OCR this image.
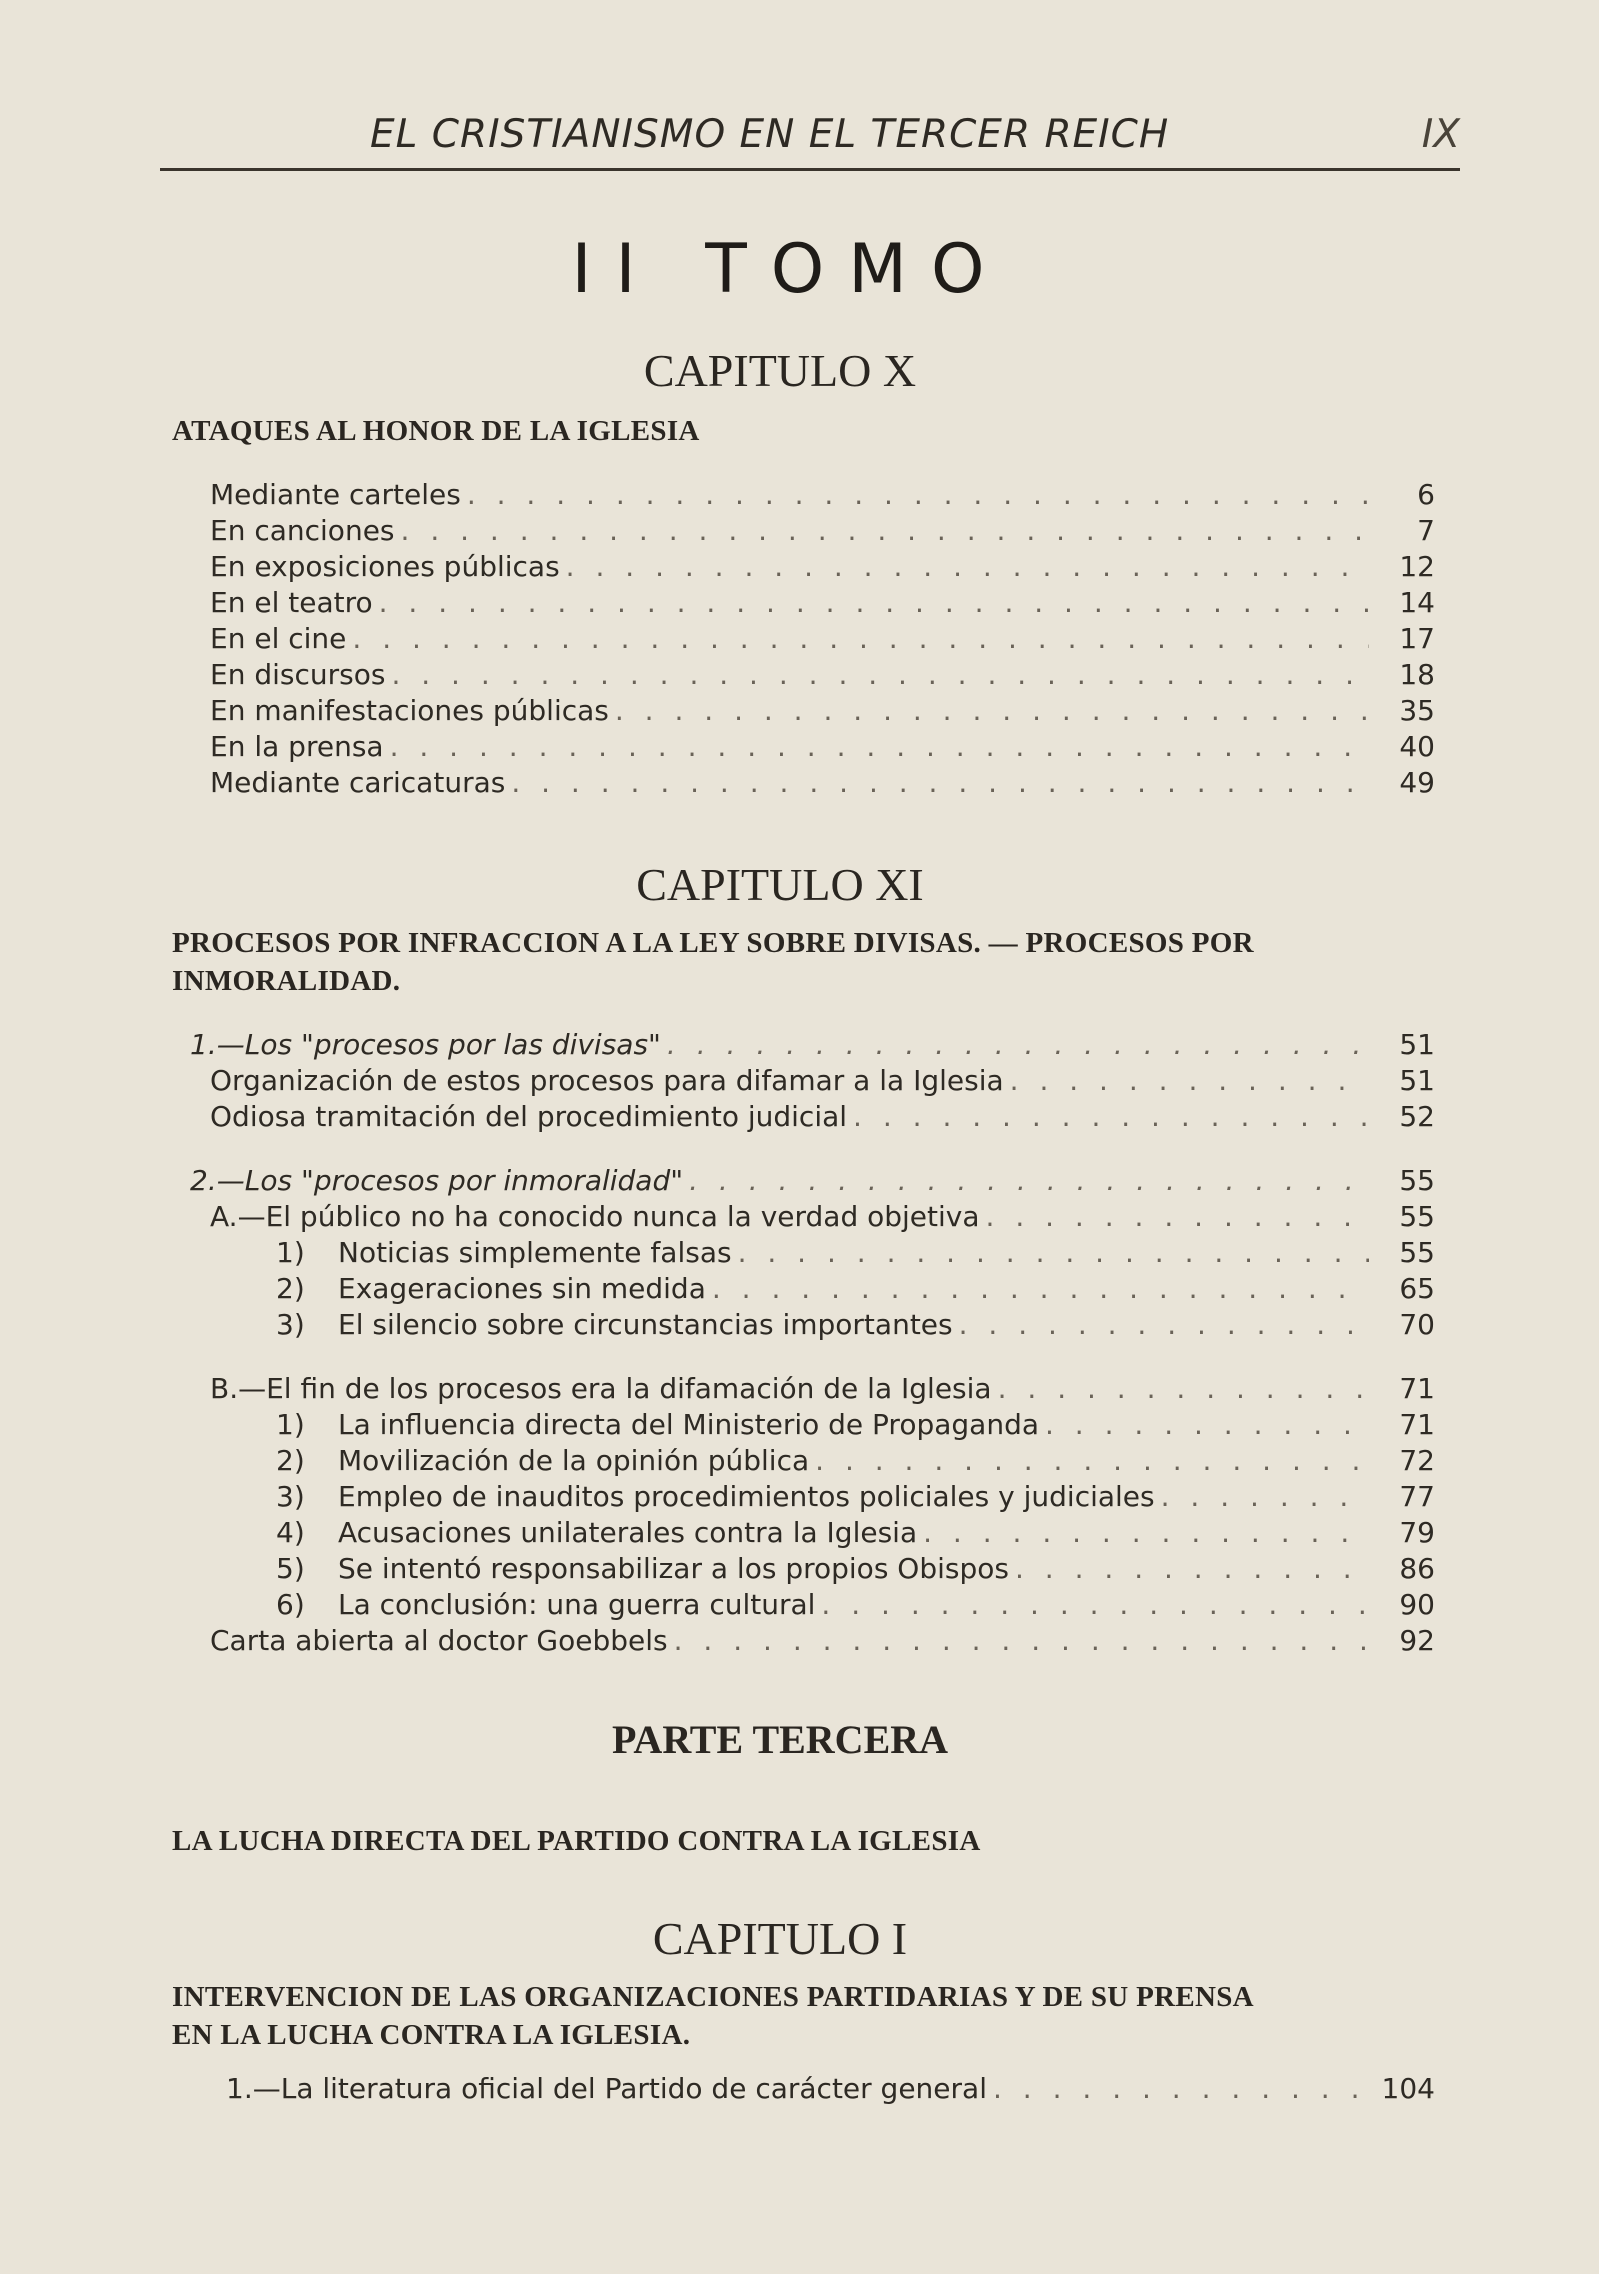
EL CRISTIANISMO EN EL TERCER REICH	IX
II TOMO
CAPITULO X
ATAQUES AL HONOR DE LA IGLESIA
Mediante carteles . . .	6
En canciones . . .	7
En exposiciones públicas . . .	12
En el teatro . . .	14
En el cine . . .	17
En discursos . . .	18
En manifestaciones públicas . . .	35
En la prensa . . .	40
Mediante caricaturas . . .	49
CAPITULO XI
PROCESOS POR INFRACCION A LA LEY SOBRE DIVISAS. — PROCESOS POR
INMORALIDAD.
1. —Los "procesos por las divisas" . . .	51
Organización de estos procesos para difamar a la Iglesia . . .	51
Odiosa tramitación del procedimiento judicial . . .	52
2. —Los "procesos por inmoralidad" . . .	55
A. —El público no ha conocido nunca la verdad objetiva . . .	55
1)	Noticias simplemente falsas . . .	55
2)	Exageraciones sin medida . . .	65
3)	El silencio sobre circunstancias importantes . . .	70
B. —El fin de los procesos era la difamación de la Iglesia . . .	71
1)	La influencia directa del Ministerio de Propaganda . . .	71
2)	Movilización de la opinión pública . . .	72
3)	Empleo de inauditos procedimientos policiales y judiciales . . .	77
4)	Acusaciones unilaterales contra la Iglesia . . .	79
5)	Se intentó responsabilizar a los propios Obispos . . .	86
6)	La conclusión: una guerra cultural . . .	90
Carta abierta al doctor Goebbels . . .	92
PARTE TERCERA
LA LUCHA DIRECTA DEL PARTIDO CONTRA LA IGLESIA
CAPITULO I
INTERVENCION DE LAS ORGANIZACIONES PARTIDARIAS Y DE SU PRENSA
EN LA LUCHA CONTRA LA IGLESIA.
1. —La literatura oficial del Partido de carácter general . . .	104
